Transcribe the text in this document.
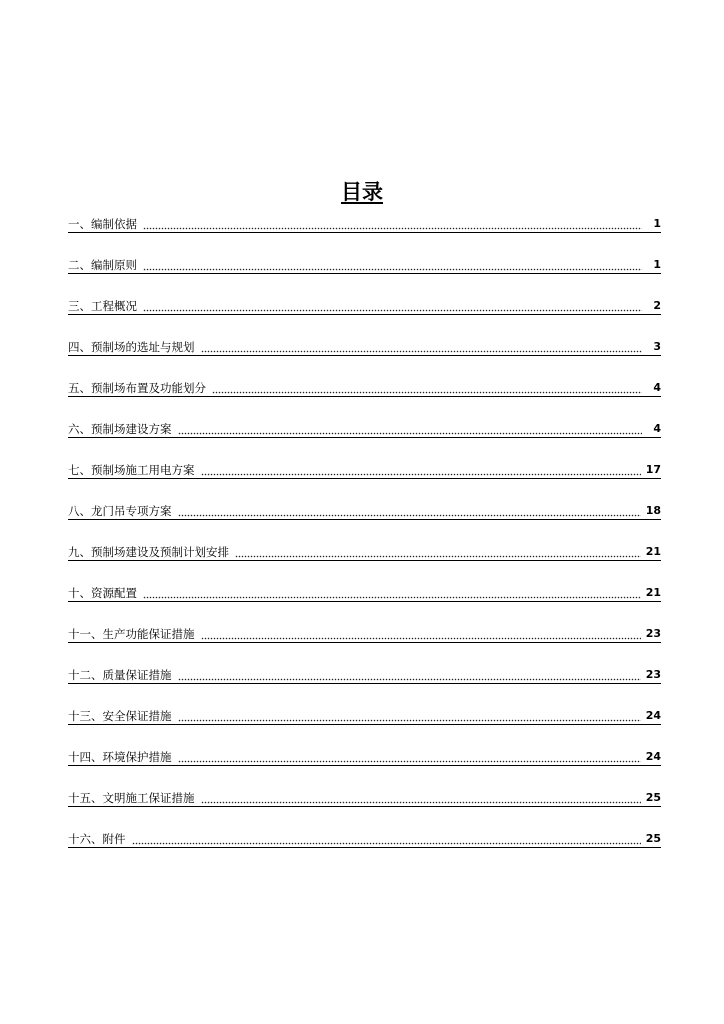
目录
一、编制依据	1
二、编制原则	1
三、工程概况	2
四、预制场的选址与规划	3
五、预制场布置及功能划分	4
六、预制场建设方案	4
七、预制场施工用电方案	17
八、龙门吊专项方案	18
九、预制场建设及预制计划安排	21
十、资源配置	21
十一、生产功能保证措施	23
十二、质量保证措施	23
十三、安全保证措施	24
十四、环境保护措施	24
十五、文明施工保证措施	25
十六、附件	25
